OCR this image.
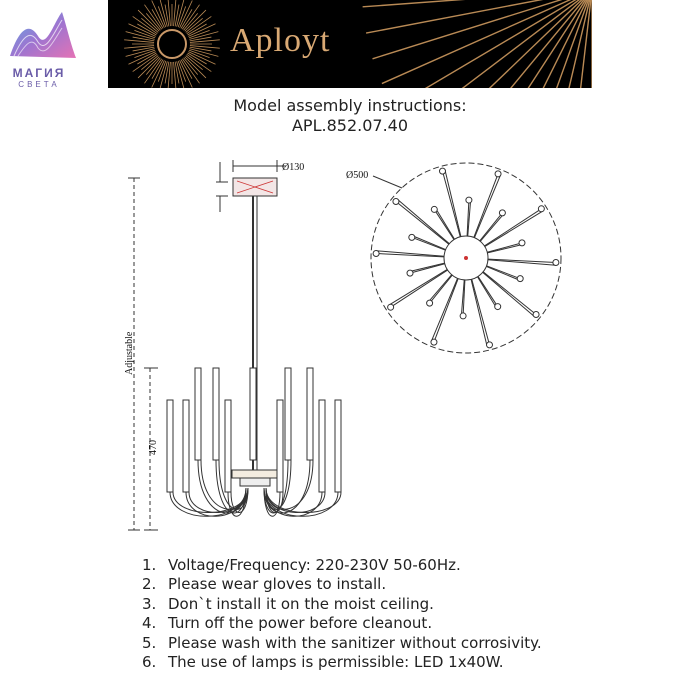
МАГИЯ
СВЕТА
Aployt
Model assembly instructions:
APL.852.07.40
Ø130
Adjustable
470
Ø500
1. Voltage/Frequency: 220-230V 50-60Hz.
2. Please wear gloves to install.
3. Don`t install it on the moist ceiling.
4. Turn off the power before cleanout.
5. Please wash with the sanitizer without corrosivity.
6. The use of lamps is permissible: LED 1x40W.
